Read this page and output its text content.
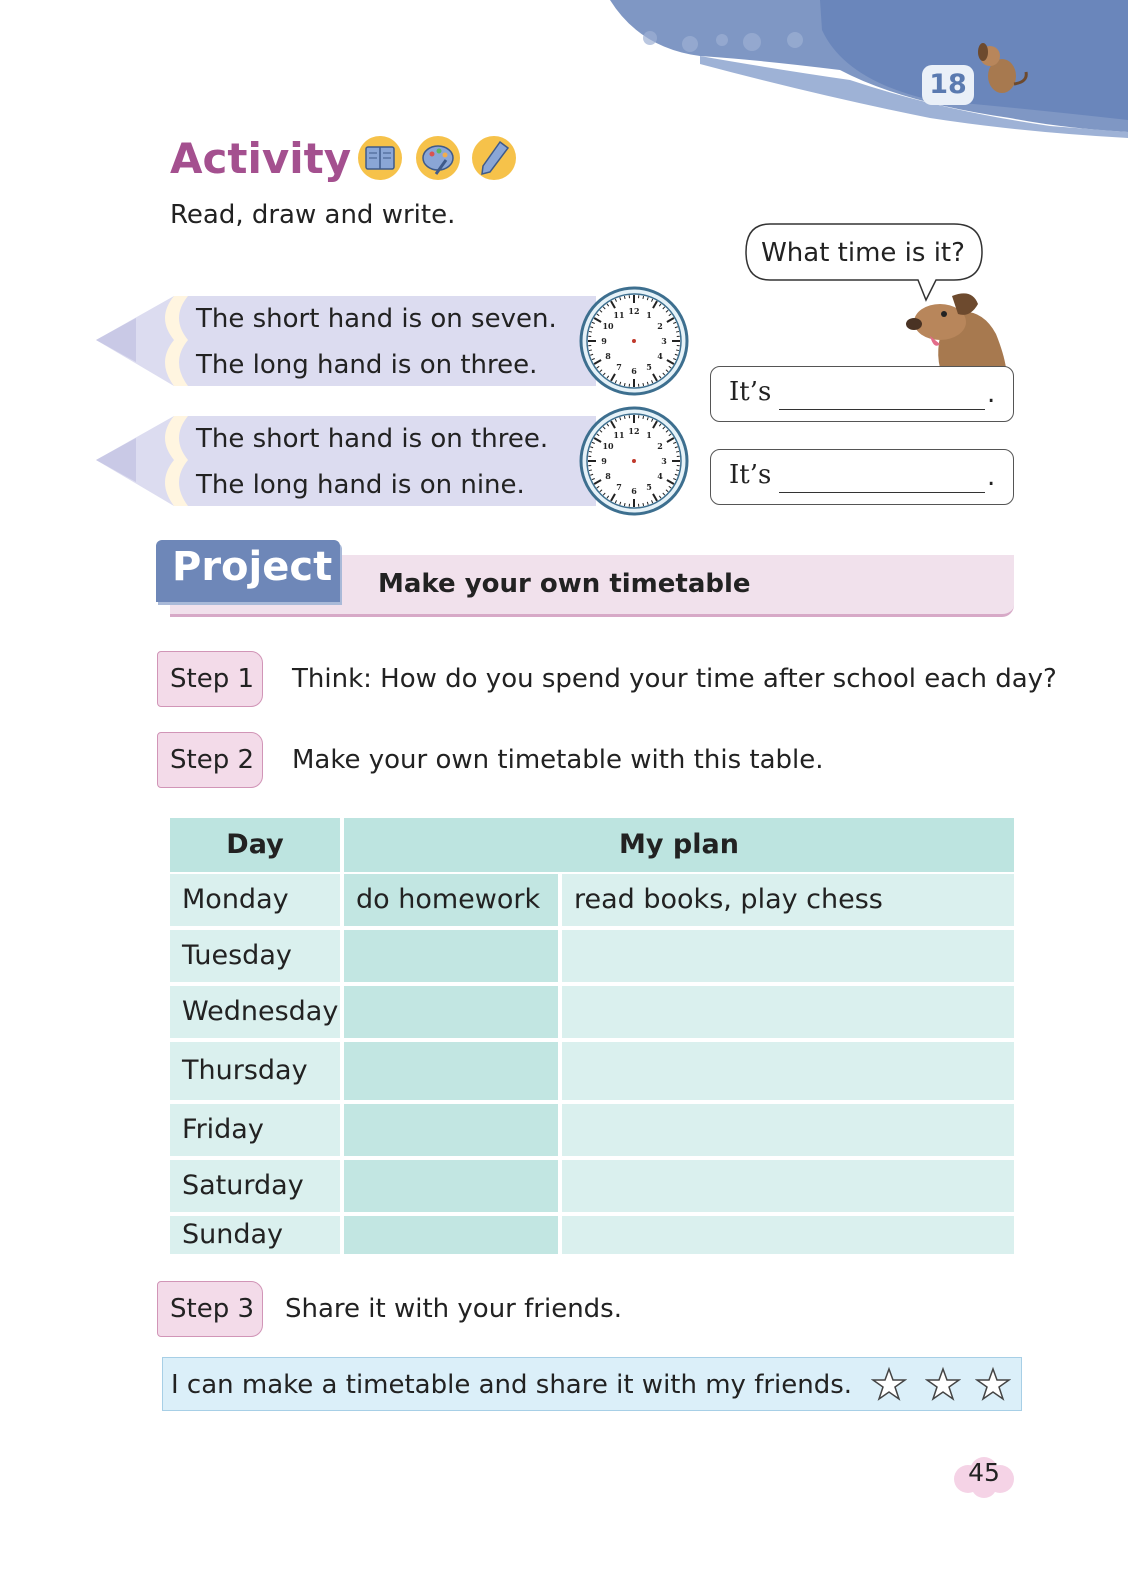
18
Activity
Read, draw and write.
What time is it?
The short hand is on seven.
The long hand is on three.
The short hand is on three.
The long hand is on nine.
12 1
2
3
4
5
6
7
8
9
10
11
12 1
2
3
4
5
6
7
8
9
10
11
It’s	.
It’s	.
Project Make your own timetable
Step 1	Think: How do you spend your time after school each day?
Step 2	Make your own timetable with this table.
Day	My plan
Monday	do homework	read books, play chess
Tuesday
Wednesday
Thursday
Friday
Saturday
Sunday
Step 3	Share it with your friends.
I can make a timetable and share it with my friends.
45
